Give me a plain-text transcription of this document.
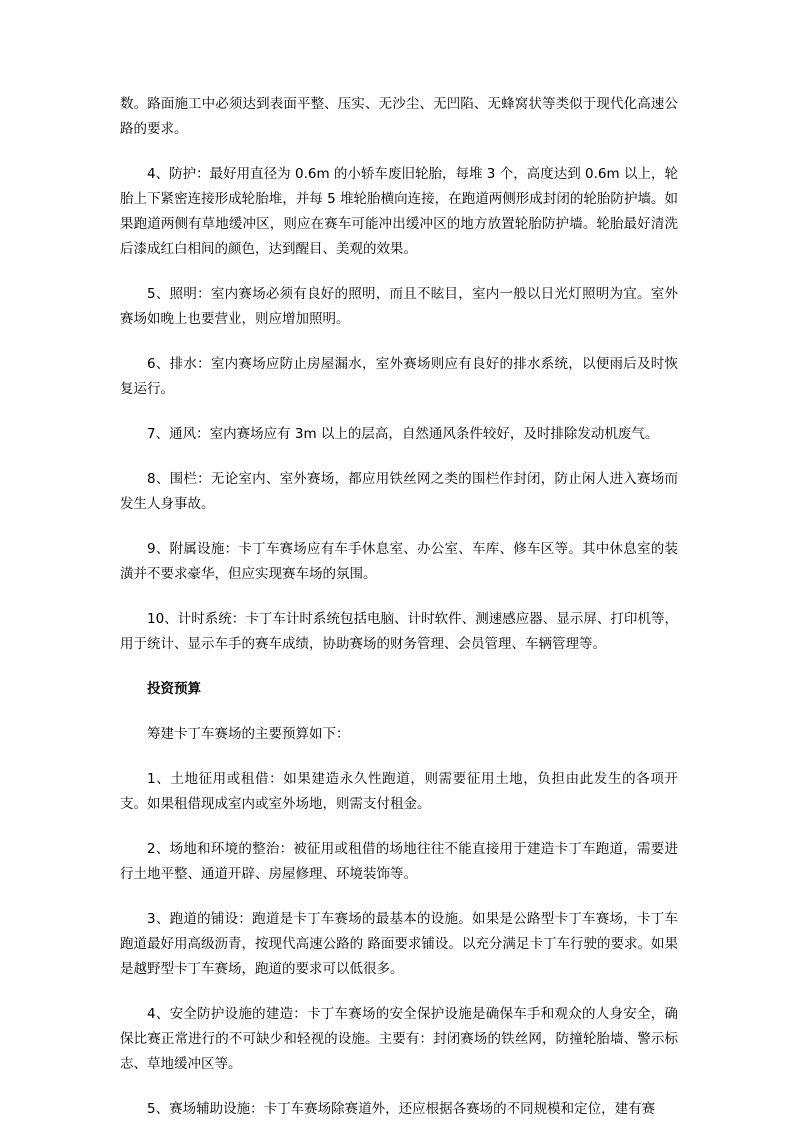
数。路面施工中必须达到表面平整、压实、无沙尘、无凹陷、无蜂窝状等类似于现代化高速公路的要求。

4、防护：最好用直径为 0.6m 的小轿车废旧轮胎，每堆 3 个，高度达到 0.6m 以上，轮胎上下紧密连接形成轮胎堆，并每 5 堆轮胎横向连接，在跑道两侧形成封闭的轮胎防护墙。如果跑道两侧有草地缓冲区，则应在赛车可能冲出缓冲区的地方放置轮胎防护墙。轮胎最好清洗后漆成红白相间的颜色，达到醒目、美观的效果。

5、照明：室内赛场必须有良好的照明，而且不眩目，室内一般以日光灯照明为宜。室外赛场如晚上也要营业，则应增加照明。

6、排水：室内赛场应防止房屋漏水，室外赛场则应有良好的排水系统，以便雨后及时恢复运行。

7、通风：室内赛场应有 3m 以上的层高，自然通风条件较好，及时排除发动机废气。

8、围栏：无论室内、室外赛场，都应用铁丝网之类的围栏作封闭，防止闲人进入赛场而发生人身事故。

9、附属设施：卡丁车赛场应有车手休息室、办公室、车库、修车区等。其中休息室的装潢并不要求豪华，但应实现赛车场的氛围。

10、计时系统：卡丁车计时系统包括电脑、计时软件、测速感应器、显示屏、打印机等，用于统计、显示车手的赛车成绩，协助赛场的财务管理、会员管理、车辆管理等。

投资预算

筹建卡丁车赛场的主要预算如下：

1、土地征用或租借：如果建造永久性跑道，则需要征用土地，负担由此发生的各项开支。如果租借现成室内或室外场地，则需支付租金。

2、场地和环境的整治：被征用或租借的场地往往不能直接用于建造卡丁车跑道，需要进行土地平整、通道开辟、房屋修理、环境装饰等。

3、跑道的铺设：跑道是卡丁车赛场的最基本的设施。如果是公路型卡丁车赛场，卡丁车跑道最好用高级沥青，按现代高速公路的 路面要求铺设。以充分满足卡丁车行驶的要求。如果是越野型卡丁车赛场，跑道的要求可以低很多。

4、安全防护设施的建造：卡丁车赛场的安全保护设施是确保车手和观众的人身安全，确保比赛正常进行的不可缺少和轻视的设施。主要有：封闭赛场的铁丝网，防撞轮胎墙、警示标志、草地缓冲区等。

5、赛场辅助设施：卡丁车赛场除赛道外，还应根据各赛场的不同规模和定位，建有赛
